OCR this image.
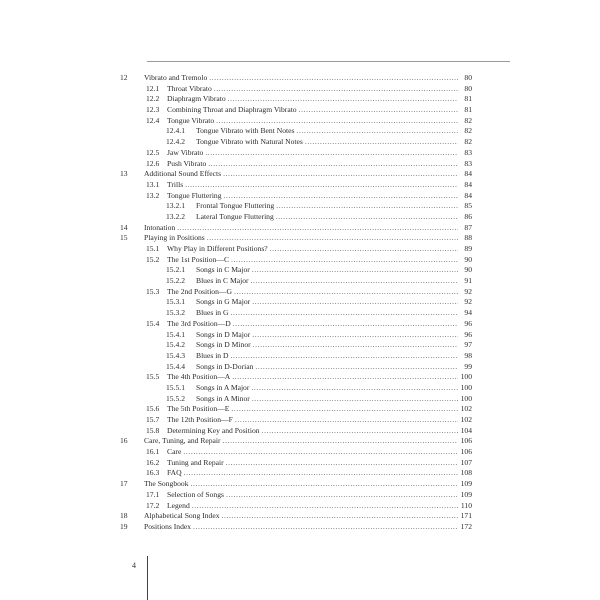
12	Vibrato and Tremolo .....	80
12.1	Throat Vibrato .....	80
12.2	Diaphragm Vibrato .....	81
12.3	Combining Throat and Diaphragm Vibrato .....	81
12.4	Tongue Vibrato .....	82
12.4.1	Tongue Vibrato with Bent Notes .....	82
12.4.2	Tongue Vibrato with Natural Notes .....	82
12.5	Jaw Vibrato .....	83
12.6	Push Vibrato .....	83
13	Additional Sound Effects .....	84
13.1	Trills .....	84
13.2	Tongue Fluttering .....	84
13.2.1	Frontal Tongue Fluttering .....	85
13.2.2	Lateral Tongue Fluttering .....	86
14	Intonation .....	87
15	Playing in Positions .....	88
15.1	Why Play in Different Positions? .....	89
15.2	The 1st Position—C .....	90
15.2.1	Songs in C Major .....	90
15.2.2	Blues in C Major .....	91
15.3	The 2nd Position—G .....	92
15.3.1	Songs in G Major .....	92
15.3.2	Blues in G .....	94
15.4	The 3rd Position—D .....	96
15.4.1	Songs in D Major .....	96
15.4.2	Songs in D Minor .....	97
15.4.3	Blues in D .....	98
15.4.4	Songs in D-Dorian .....	99
15.5	The 4th Position—A .....	100
15.5.1	Songs in A Major .....	100
15.5.2	Songs in A Minor .....	100
15.6	The 5th Position—E .....	102
15.7	The 12th Position—F .....	102
15.8	Determining Key and Position .....	104
16	Care, Tuning, and Repair .....	106
16.1	Care .....	106
16.2	Tuning and Repair .....	107
16.3	FAQ .....	108
17	The Songbook .....	109
17.1	Selection of Songs .....	109
17.2	Legend .....	110
18	Alphabetical Song Index .....	171
19	Positions Index .....	172
4
